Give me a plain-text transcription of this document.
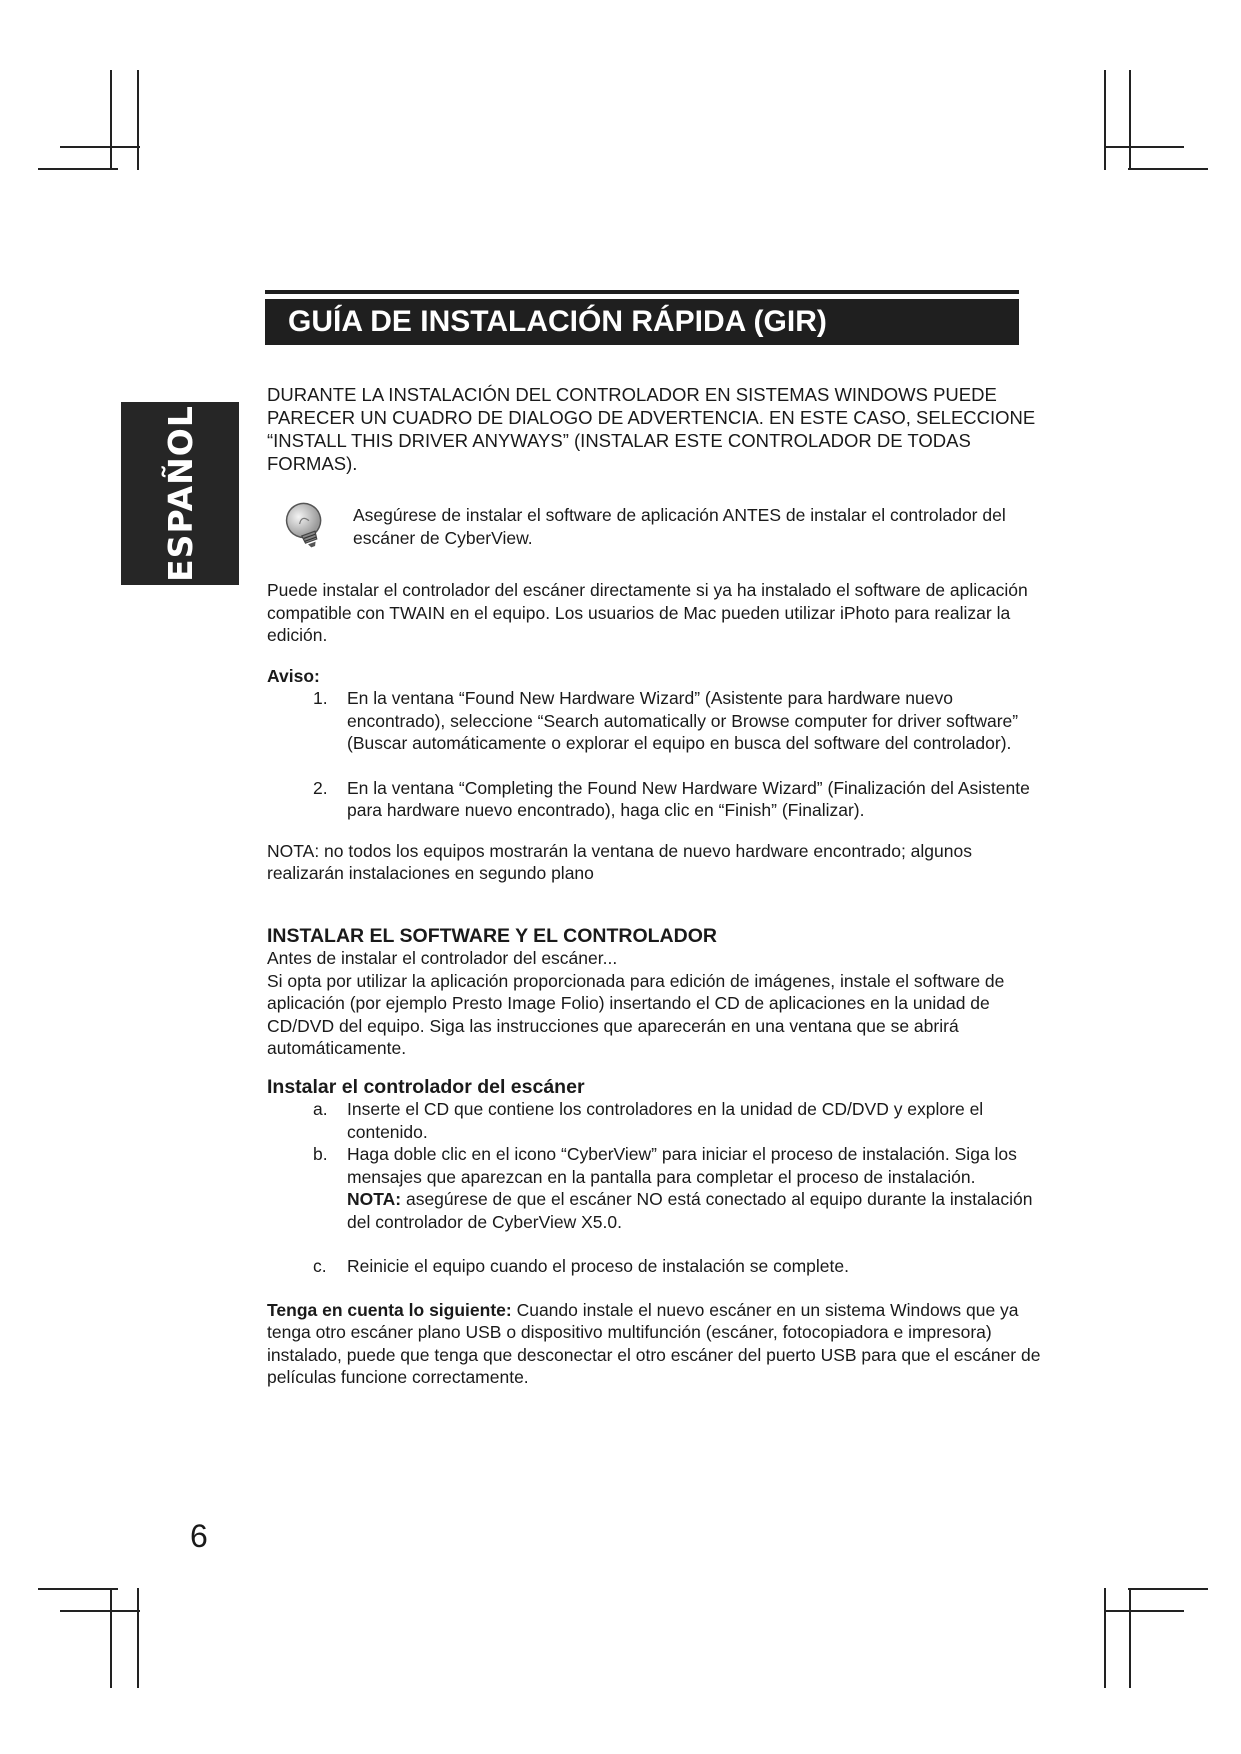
ESPAÑOL
GUÍA DE INSTALACIÓN RÁPIDA (GIR)

DURANTE LA INSTALACIÓN DEL CONTROLADOR EN SISTEMAS WINDOWS PUEDE PARECER UN CUADRO DE DIALOGO DE ADVERTENCIA. EN ESTE CASO, SELECCIONE “INSTALL THIS DRIVER ANYWAYS” (INSTALAR ESTE CONTROLADOR DE TODAS FORMAS).

Asegúrese de instalar el software de aplicación ANTES de instalar el controlador del escáner de CyberView.

Puede instalar el controlador del escáner directamente si ya ha instalado el software de aplicación compatible con TWAIN en el equipo. Los usuarios de Mac pueden utilizar iPhoto para realizar la edición.

Aviso:

1. En la ventana “Found New Hardware Wizard” (Asistente para hardware nuevo encontrado), seleccione “Search automatically or Browse computer for driver software” (Buscar automáticamente o explorar el equipo en busca del software del controlador).
2. En la ventana “Completing the Found New Hardware Wizard” (Finalización del Asistente para hardware nuevo encontrado), haga clic en “Finish” (Finalizar).

NOTA: no todos los equipos mostrarán la ventana de nuevo hardware encontrado; algunos realizarán instalaciones en segundo plano

INSTALAR EL SOFTWARE Y EL CONTROLADOR

Antes de instalar el controlador del escáner...

Si opta por utilizar la aplicación proporcionada para edición de imágenes, instale el software de aplicación (por ejemplo Presto Image Folio) insertando el CD de aplicaciones en la unidad de CD/DVD del equipo. Siga las instrucciones que aparecerán en una ventana que se abrirá automáticamente.

Instalar el controlador del escáner

a. Inserte el CD que contiene los controladores en la unidad de CD/DVD y explore el contenido.
b. Haga doble clic en el icono “CyberView” para iniciar el proceso de instalación. Siga los mensajes que aparezcan en la pantalla para completar el proceso de instalación.
NOTA: asegúrese de que el escáner NO está conectado al equipo durante la instalación del controlador de CyberView X5.0.
c. Reinicie el equipo cuando el proceso de instalación se complete.

Tenga en cuenta lo siguiente: Cuando instale el nuevo escáner en un sistema Windows que ya tenga otro escáner plano USB o dispositivo multifunción (escáner, fotocopiadora e impresora) instalado, puede que tenga que desconectar el otro escáner del puerto USB para que el escáner de películas funcione correctamente.

6
